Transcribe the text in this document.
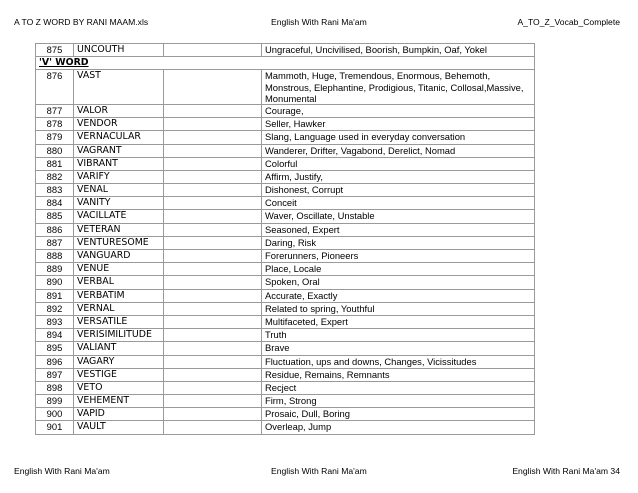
A TO Z WORD BY RANI MAAM.xls	English With Rani Ma'am	A_TO_Z_Vocab_Complete
875	UNCOUTH		Ungraceful, Uncivilised, Boorish, Bumpkin, Oaf, Yokel
'V' WORD			
876	VAST		Mammoth, Huge, Tremendous, Enormous, Behemoth, Monstrous, Elephantine, Prodigious, Titanic, Collosal,Massive, Monumental
877	VALOR		Courage,
878	VENDOR		Seller, Hawker
879	VERNACULAR		Slang, Language used in everyday conversation
880	VAGRANT		Wanderer, Drifter, Vagabond, Derelict, Nomad
881	VIBRANT		Colorful
882	VARIFY		Affirm, Justify,
883	VENAL		Dishonest, Corrupt
884	VANITY		Conceit
885	VACILLATE		Waver, Oscillate, Unstable
886	VETERAN		Seasoned, Expert
887	VENTURESOME		Daring, Risk
888	VANGUARD		Forerunners, Pioneers
889	VENUE		Place, Locale
890	VERBAL		Spoken, Oral
891	VERBATIM		Accurate, Exactly
892	VERNAL		Related to spring, Youthful
893	VERSATILE		Multifaceted, Expert
894	VERISIMILITUDE		Truth
895	VALIANT		Brave
896	VAGARY		Fluctuation, ups and downs, Changes, Vicissitudes
897	VESTIGE		Residue, Remains, Remnants
898	VETO		Recject
899	VEHEMENT		Firm, Strong
900	VAPID		Prosaic, Dull, Boring
901	VAULT		Overleap, Jump
English With Rani Ma'am	English With Rani Ma'am	English With Rani Ma'am 34
